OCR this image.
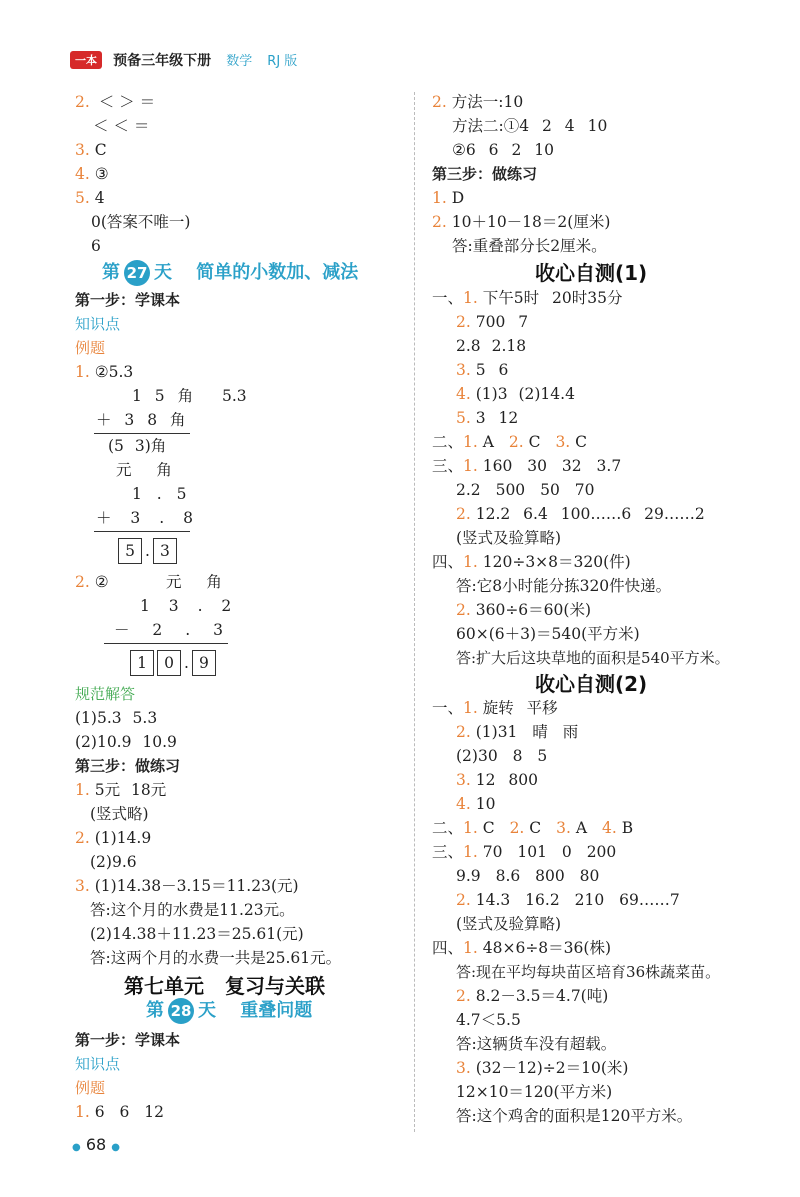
一本 预备三年级下册 数学 RJ 版
2. ＜ ＞ ＝
＜ ＜ ＝
3. C
4. ③
5. 4
0(答案不唯一)
6
第 27 天 简单的小数加、减法
第一步：学课本
知识点
例题
1. ②5.3
1 5 角 5.3
＋ 3 8 角
(5 3)角
元 角
1 . 5
＋ 3 . 8
5 . 3
2. ②	元 角
1 3 . 2
－ 2 . 3
1 0 . 9
规范解答
(1)5.3 5.3
(2)10.9 10.9
第三步：做练习
1. 5元 18元
(竖式略)
2. (1)14.9
(2)9.6
3. (1)14.38－3.15＝11.23(元)
答:这个月的水费是11.23元。
(2)14.38＋11.23＝25.61(元)
答:这两个月的水费一共是25.61元。
第七单元 复习与关联
第 28 天 重叠问题
第一步：学课本
知识点
例题
1. 6 6 12
2. 方法一:10
方法二:①4 2 4 10
②6 6 2 10
第三步：做练习
1. D
2. 10＋10－18＝2(厘米)
答:重叠部分长2厘米。
收心自测(1)
一、1. 下午5时 20时35分
2. 700 7
2.8 2.18
3. 5 6
4. (1)3 (2)14.4
5. 3 12
二、1. A 2. C 3. C
三、1. 160 30 32 3.7
2.2 500 50 70
2. 12.2 6.4 100……6 29……2
(竖式及验算略)
四、1. 120÷3×8＝320(件)
答:它8小时能分拣320件快递。
2. 360÷6＝60(米)
60×(6＋3)＝540(平方米)
答:扩大后这块草地的面积是540平方米。
收心自测(2)
一、1. 旋转 平移
2. (1)31 晴 雨
(2)30 8 5
3. 12 800
4. 10
二、1. C 2. C 3. A 4. B
三、1. 70 101 0 200
9.9 8.6 800 80
2. 14.3 16.2 210 69……7
(竖式及验算略)
四、1. 48×6÷8＝36(株)
答:现在平均每块苗区培育36株蔬菜苗。
2. 8.2－3.5＝4.7(吨)
4.7＜5.5
答:这辆货车没有超载。
3. (32－12)÷2＝10(米)
12×10＝120(平方米)
答:这个鸡舍的面积是120平方米。
● 68 ●
